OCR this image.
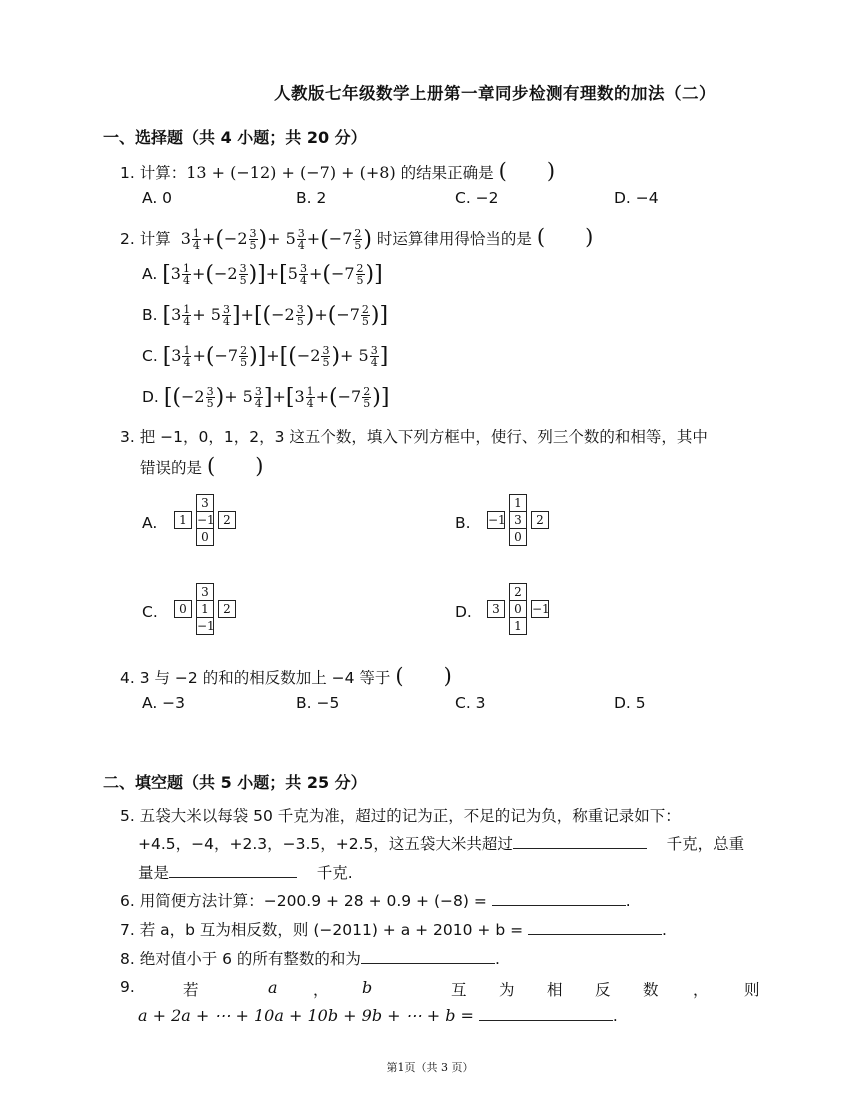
人教版七年级数学上册第一章同步检测有理数的加法（二）
一、选择题（共 4 小题；共 20 分）
1. 计算：13 + (−12) + (−7) + (+8) 的结果正确是 (      )
A. 0	B. 2	C. −2	D. −4
2. 计算  $3 \frac{1}{4} +(-2 \frac{3}{5}$ )+ $5 \frac{3}{4} +(-7 \frac{2}{5}$ ) 时运算律用得恰当的是 (      )
A. $[3 \frac{1}{4} +(-2 \frac{3}{5} )]+[5 \frac{3}{4} +(-7 \frac{2}{5}$ )]
B. $[3 \frac{1}{4} + 5 \frac{3}{4} ]+[(-2 \frac{3}{5} )+(-7 \frac{2}{5}$ )]
C. $[3 \frac{1}{4} +(-7 \frac{2}{5} )]+[(-2 \frac{3}{5}$ )+ $5 \frac{3}{4}$ ]
D. [($-2 \frac{3}{5}$ )+ $5 \frac{3}{4} ]+[3 \frac{1}{4} +(-7 \frac{2}{5}$ )]
3. 把 −1，0，1，2，3 这五个数，填入下列方框中，使行、列三个数的和相等，其中
错误的是 (      )
A.	B.
C.	D.
3
1 −1 2
0
1
−1 3	2
0
3
0	1	2
−1
2
3	0 −1
1
4. 3 与 −2 的和的相反数加上 −4 等于 (      )
A. −3	B. −5	C. 3	D. 5
二、填空题（共 5 小题；共 25 分）
5. 五袋大米以每袋 50 千克为准，超过的记为正，不足的记为负，称重记录如下：
+4.5，−4，+2.3，−3.5，+2.5，这五袋大米共超过	千克，总重
量是	千克.
6. 用简便方法计算：−200.9 + 28 + 0.9 + (−8) =	.
7. 若 a，b 互为相反数，则 (−2011) + a + 2010 + b =	.
8. 绝对值小于 6 的所有整数的和为	.
9.	若	a ， b	互 为 相 反 数 ， 则
a + 2a + ⋯ + 10a + 10b + 9b + ⋯ + b =	.
第1页（共 3 页）
